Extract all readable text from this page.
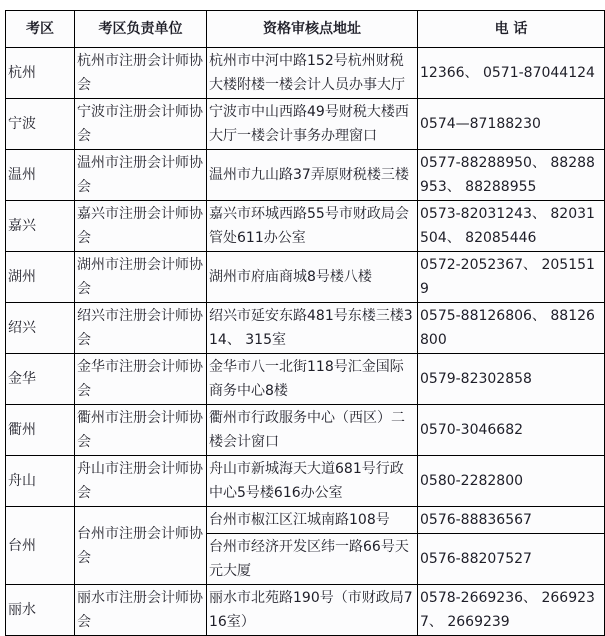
考区	考区负责单位	资格审核点地址	电 话
杭州	杭州市注册会计师协会	杭州市中河中路152号杭州财税大楼附楼一楼会计人员办事大厅	12366、 0571-87044124
宁波	宁波市注册会计师协会	宁波市中山西路49号财税大楼西大厅一楼会计事务办理窗口	0574—87188230
温州	温州市注册会计师协会	温州市九山路37弄原财税楼三楼	0577-88288950、 88288953、 88288955
嘉兴	嘉兴市注册会计师协会	嘉兴市环城西路55号市财政局会管处611办公室	0573-82031243、 82031504、 82085446
湖州	湖州市注册会计师协会	湖州市府庙商城8号楼八楼	0572-2052367、 2051519
绍兴	绍兴市注册会计师协会	绍兴市延安东路481号东楼三楼314、 315室	0575-88126806、 88126800
金华	金华市注册会计师协会	金华市八一北街118号汇金国际商务中心8楼	0579-82302858
衢州	衢州市注册会计师协会	衢州市行政服务中心（西区）二楼会计窗口	0570-3046682
舟山	舟山市注册会计师协会	舟山市新城海天大道681号行政中心5号楼616办公室	0580-2282800
台州	台州市注册会计师协会	台州市椒江区江城南路108号	0576-88836567
		台州市经济开发区纬一路66号天元大厦	0576-88207527
丽水	丽水市注册会计师协会	丽水市北苑路190号（市财政局716室）	0578-2669236、 2669237、 2669239
